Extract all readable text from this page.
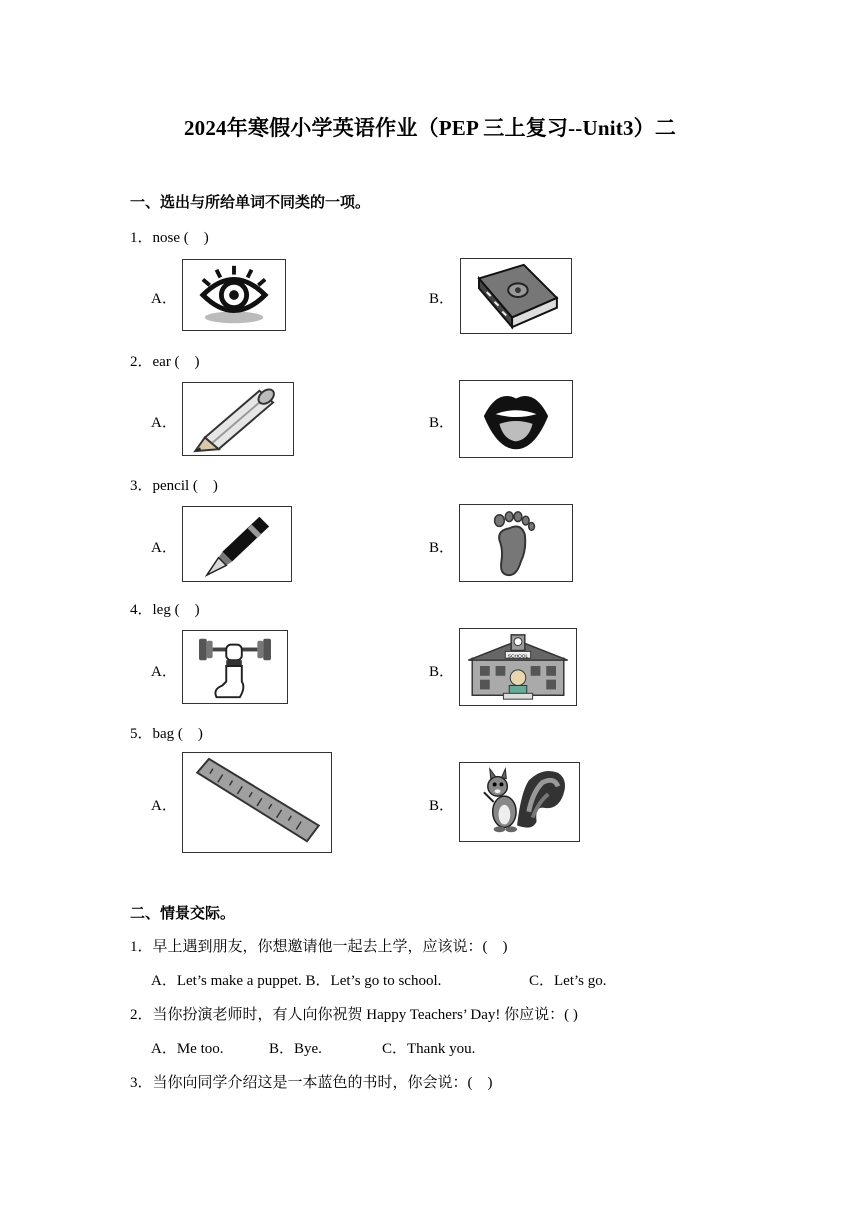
2024年寒假小学英语作业（PEP 三上复习--Unit3）二
一、选出与所给单词不同类的一项。
1．nose (　)
A．	B．
2．ear (　)
A．	B．
3．pencil (　)
A．	B．
4．leg (　)
A．	B．
SCHOOL
5．bag (　)
A．	B．
二、情景交际。
1．早上遇到朋友，你想邀请他一起去上学，应该说：(　)
A．Let’s make a puppet. B．Let’s go to school.	C．Let’s go.
2．当你扮演老师时，有人向你祝贺 Happy Teachers’ Day! 你应说：( )
A．Me too.	B．Bye.	C．Thank you.
3．当你向同学介绍这是一本蓝色的书时，你会说：(　)
